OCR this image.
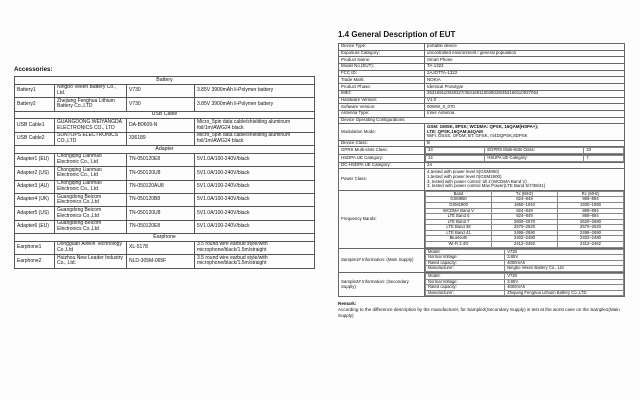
Accessories:
Battery			
Battery1	Ningbo Veken Battery Co., Ltd.	V730	3.85V 3900mAh li-Polymer battery
Battery2	Zhejiang Fenghua Lithium Battery Co.,LTD	V730	3.85V 3900mAh li-Polymer battery
USB Cable			
USB Cable1	GUANGDONG WEIYANGDA ELECTRONICS CO., LTD	DA-B0609-N	Micro_5pin data cable/shielding aluminum foil/1m/AWG24 black
USB Cable2	SUNTOPS ELECTRONICS CO.,LTD	336189	Micro_5pin data cable/shielding aluminum foil/1m/AWG24 black
Adapter			
Adapter1 (EU)	Chongqing Lianmao Electronic Co., Ltd	TN-050120E8	5V1.0A/100-240V/black
Adapter2 (US)	Chongqing Lianmao Electronic Co., Ltd	TN-050120U8	5V1.0A/100-240V/black
Adapter3 (AU)	Chongqing Lianmao Electronic Co., Ltd	TN-050120AU8	5V1.0A/100-240V/black
Adapter4 (UK)	Guangdong Beicom Electronics Co.,Ltd	TN-050120B8	5V1.0A/100-240V/black
Adapter5 (US)	Guangdong Beicom Electronics Co.,Ltd	TN-050120U8	5V1.0A/100-240V/black
Adapter6 (EU)	Guangdong Beicom Electronics Co.,Ltd	TN-050120E8	5V1.0A/100-240V/black
Earphone			
Earphone1	Dongguan AllWin Technology Co.,Ltd	XL-5178	3.5 round wire earbud style/with microphone/black/1.5m/straight
Earphone2	Huizhou New Leader Industry Co., Ltd.	NLD-305M-065F	3.5 round wire earbud style/with microphone/black/1.5m/straight
1.4 General Description of EUT
Device Type:	portable device
Exposure Category:	uncontrolled environment / general population
Product Name:	Smart Phone
Model No.(EUT):	TA-1322
FCC ID:	2AJOTTA-1322
Trade Mark:	NOKIA
Product Phase:	Identical Prototype
IMEI:	353169110028327/353169110028028/353169110037054
Hardware Version:	V1.0
Software Version:	00WW_0_070
Antenna Type:	Inner Antenna
Device Operating Configurations
Modulation Mode:	
GSM: GMSK, 8PSK; WCDMA: QPSK, 16QAM(HSPA+);
LTE: QPSK,16QAM,64QAM
WiFi: DSSS, OFDM; BT: GFSK, π/4DQPSK,8DPSK

Device Class:	B
GPRS Multi-slots Class:		33	EGPRS Multi-slots Class:	33

HSDPA UE Category:		14	HSUPA UE Category:	7

DC-HSDPA UE Category:	24
Power Class:	
4,tested with power level 5(GSM850)
1,tested with power level 0(GSM1900)
3, tested with power control 'all 1'(WCDMA Band V)
3, tested with power control Max Power(LTE Band 5/7/38/41)

Frequency Bands:	
Band	Tx (MHz)	Rx (MHz)
GSM850	824–849	869–894
GSM1900	1850–1910	1930–1990
WCDMA Band V	824–849	869–894
LTE Band 5	824–849	869–894
LTE Band 7	2500–2570	2620–2690
LTE Band 38	2570–2620	2570–2620
LTE Band 41	2496–2690	2496–2690
Bluetooth	2402–2480	2402–2480
Wi-Fi 2.4G	2412–2462	2412–2462

Sample1# Information: (Main Supply)	
Model:	V730
Normal Voltage:	3.85V
Rated capacity:	4000mAh
Manufacturer:	Ningbo Veken Battery Co., Ltd

Sample2# Information: (Secondary Supply)	
Model:	V730
Normal Voltage:	3.85V
Rated capacity:	4000mAh
Manufacturer:	Zhejiang Fenghua Lithium Battery Co.,LTD
Remark:
According to the difference description by the manufacturer, for Sample2(Secondary Supply) is test at the worst case on the Sample1(Main Supply)
